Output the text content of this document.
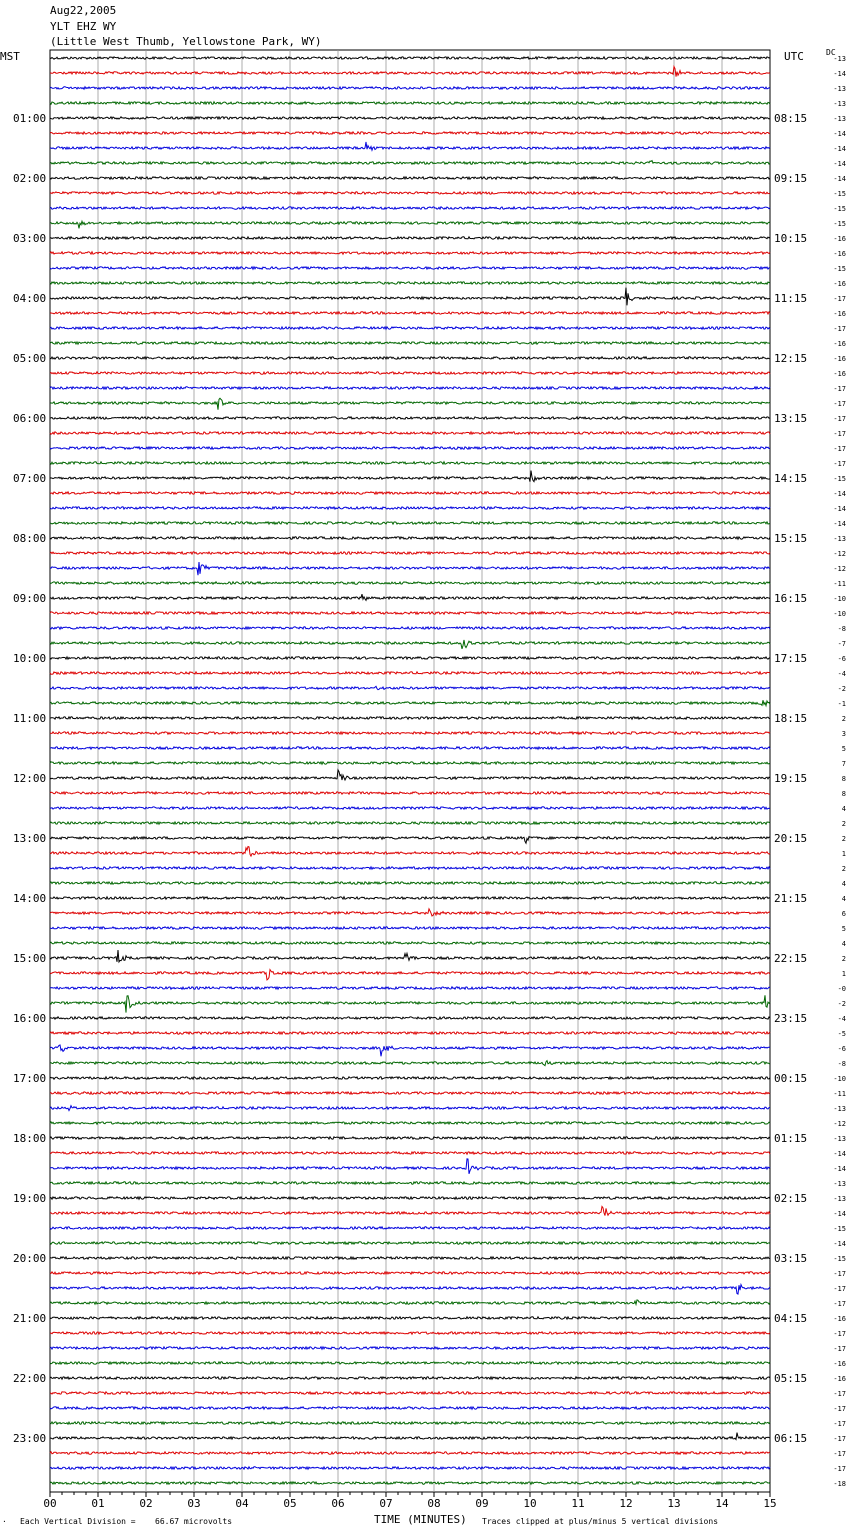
Aug22,2005
YLT EHZ WY
(Little West Thumb, Yellowstone Park, WY)
MST	UTC	DC
01:00
02:00
03:00
04:00
05:00
06:00
07:00
08:00
09:00
10:00
11:00
12:00
13:00
14:00
15:00
16:00
17:00
18:00
19:00
20:00
21:00
22:00
23:00
08:15
09:15
10:15
11:15
12:15
13:15
14:15
15:15
16:15
17:15
18:15
19:15
20:15
21:15
22:15
23:15
00:15
01:15
02:15
03:15
04:15
05:15
06:15
-13
-14
-13
-13
-13
-14
-14
-14
-14
-15
-15
-15
-16
-16
-15
-16
-17
-16
-17
-16
-16
-16
-17
-17
-17
-17
-17
-17
-15
-14
-14
-14
-13
-12
-12
-11
-10
-10
-8
-7
-6
-4
-2
-1
2
3
5
7
8
8
4
2
2
1
2
4
4
6
5
4
2
1
-0
-2
-4
-5
-6
-8
-10
-11
-13
-12
-13
-14
-14
-13
-13
-14
-15
-14
-15
-17
-17
-17
-16
-17
-17
-16
-16
-17
-17
-17
-17
-17
-17
-18
00	01	02	03	04	05	06	07	08	09	10	11	12	13	14	15
· Each Vertical Division = 66.67 microvolts	TIME (MINUTES) Traces clipped at plus/minus 5 vertical divisions
